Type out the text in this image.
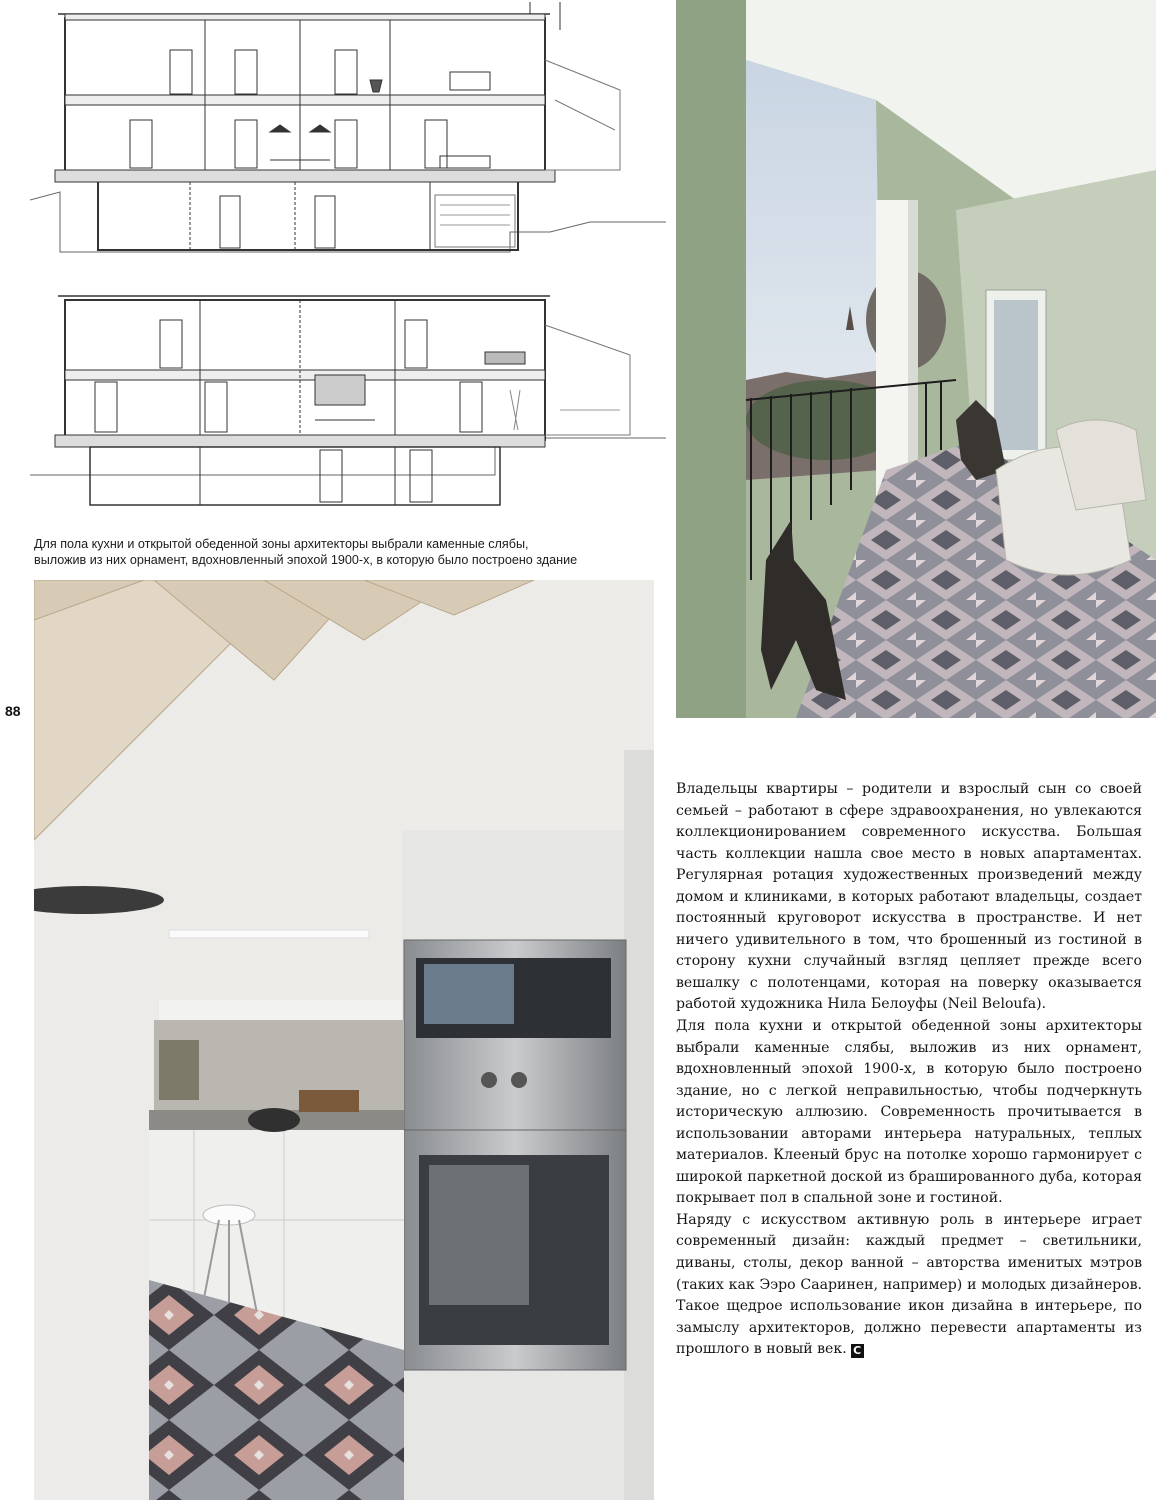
Для пола кухни и открытой обеденной зоны архитекторы выбрали каменные слябы,
выложив из них орнамент, вдохновленный эпохой 1900-х, в которую было построено здание
88

Владельцы квартиры – родители и взрослый сын со своей семьей – работают в сфере здравоохранения, но увлекаются коллекционированием современного искусства. Большая часть коллекции нашла свое место в новых апартаментах. Регулярная ротация художественных произведений между домом и клиниками, в которых работают владельцы, создает постоянный круговорот искусства в пространстве. И нет ничего удивительного в том, что брошенный из гостиной в сторону кухни случайный взгляд цепляет прежде всего вешалку с полотенцами, которая на поверку оказывается работой художника Нила Белоуфы (Neil Beloufa).

Для пола кухни и открытой обеденной зоны архитекторы выбрали каменные слябы, выложив из них орнамент, вдохновленный эпохой 1900-х, в которую было построено здание, но с легкой неправильностью, чтобы подчеркнуть историческую аллюзию. Современность прочитывается в использовании авторами интерьера натуральных, теплых материалов. Клееный брус на потолке хорошо гармонирует с широкой паркетной доской из брашированного дуба, которая покрывает пол в спальной зоне и гостиной.

Наряду с искусством активную роль в интерьере играет современный дизайн: каждый предмет – светильники, диваны, столы, декор ванной – авторства именитых мэтров (таких как Ээро Сааринен, например) и молодых дизайнеров. Такое щедрое использование икон дизайна в интерьере, по замыслу архитекторов, должно перевести апартаменты из прошлого в новый век. C
